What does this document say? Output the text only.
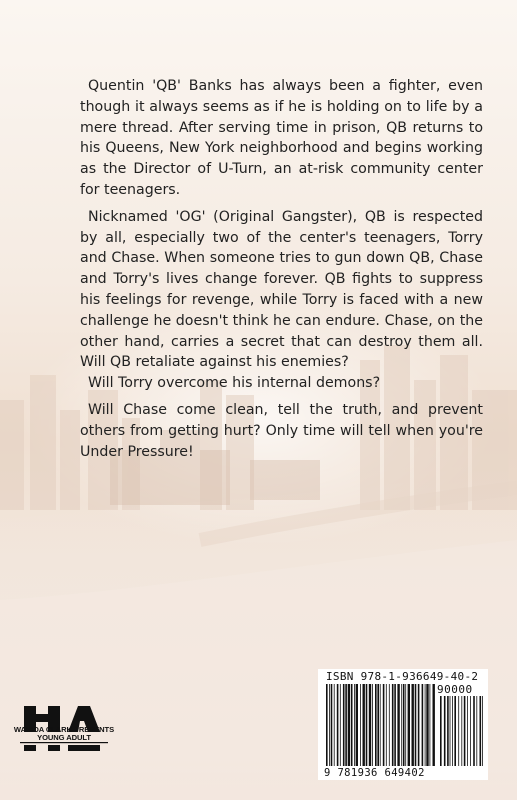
Quentin 'QB' Banks has always been a fighter, even though it always seems as if he is holding on to life by a mere thread. After serving time in prison, QB returns to his Queens, New York neighborhood and begins working as the Director of U-Turn, an at-risk community center for teenagers.

Nicknamed 'OG' (Original Gangster), QB is respected by all, especially two of the center's teenagers, Torry and Chase. When someone tries to gun down QB, Chase and Torry's lives change forever. QB fights to suppress his feelings for revenge, while Torry is faced with a new challenge he doesn't think he can endure. Chase, on the other hand, carries a secret that can destroy them all. Will QB retaliate against his enemies?

Will Torry overcome his internal demons?

Will Chase come clean, tell the truth, and prevent others from getting hurt? Only time will tell when you're Under Pressure!

WAHIDA CLARK PRESENTS
YOUNG ADULT
ISBN 978-1-936649-40-2
90000
9 781936 649402
